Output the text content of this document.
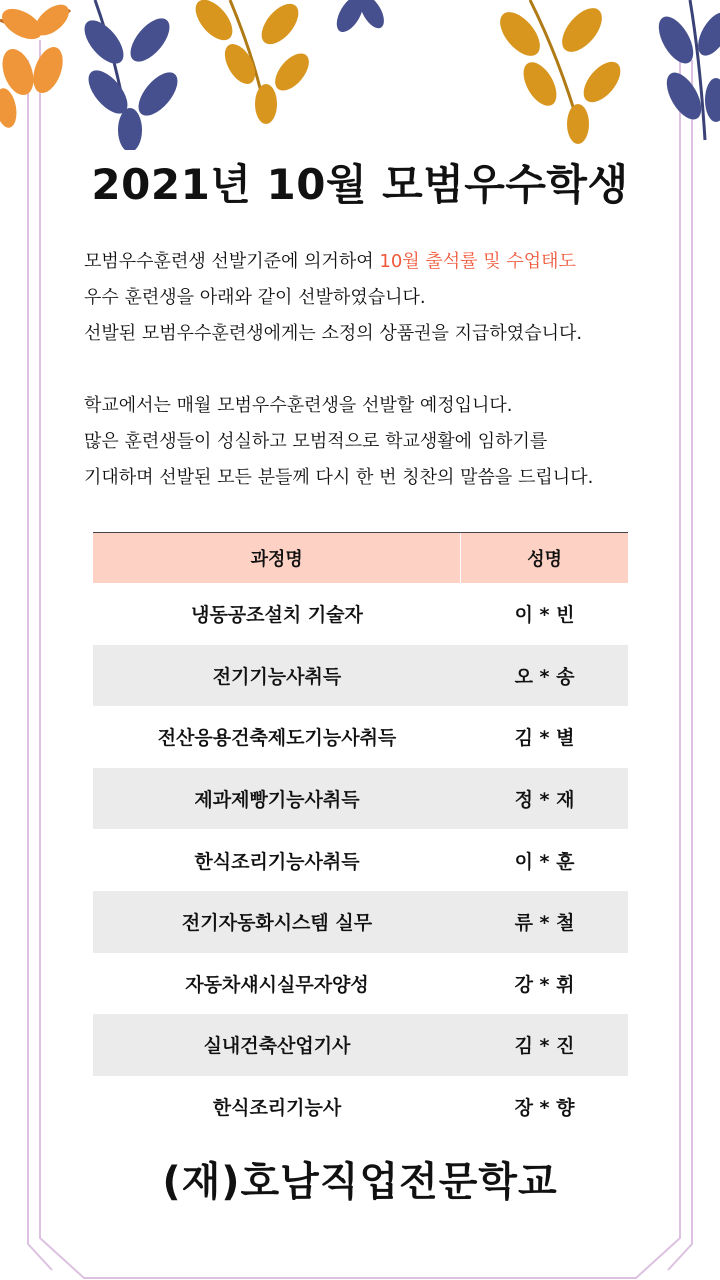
2021년 10월 모범우수학생
모범우수훈련생 선발기준에 의거하여 10월 출석률 및 수업태도
우수 훈련생을 아래와 같이 선발하였습니다.
선발된 모범우수훈련생에게는 소정의 상품권을 지급하였습니다.
학교에서는 매월 모범우수훈련생을 선발할 예정입니다.
많은 훈련생들이 성실하고 모범적으로 학교생활에 임하기를
기대하며 선발된 모든 분들께 다시 한 번 칭찬의 말씀을 드립니다.
과정명	성명
냉동공조설치 기술자	이 * 빈
전기기능사취득	오 * 송
전산응용건축제도기능사취득	김 * 별
제과제빵기능사취득	정 * 재
한식조리기능사취득	이 * 훈
전기자동화시스템 실무	류 * 철
자동차섀시실무자양성	강 * 휘
실내건축산업기사	김 * 진
한식조리기능사	장 * 향
(재)호남직업전문학교
